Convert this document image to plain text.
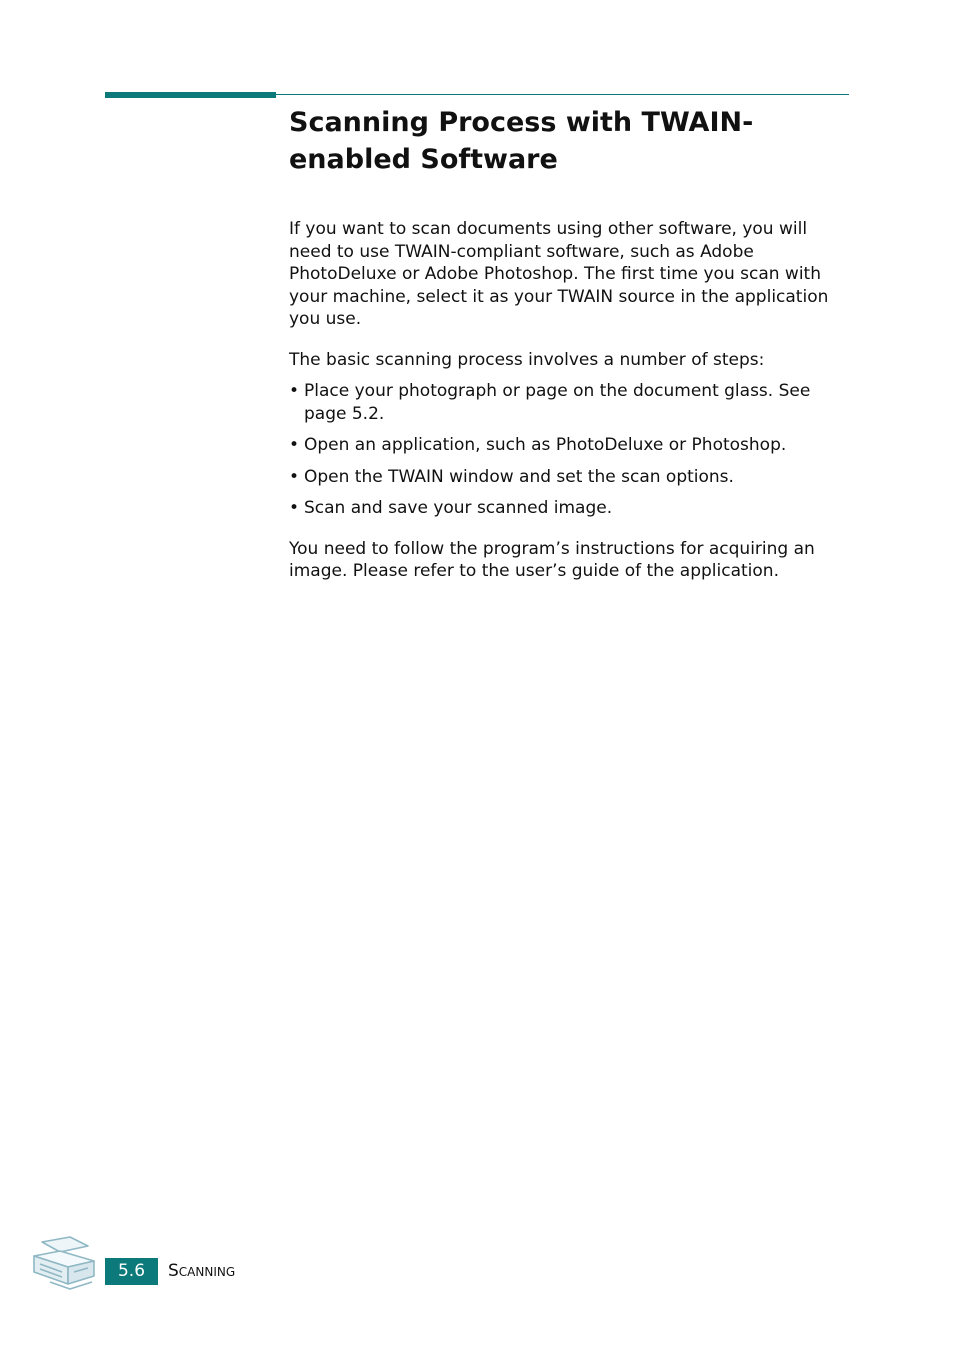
Scanning Process with TWAIN-enabled Software

If you want to scan documents using other software, you will need to use TWAIN-compliant software, such as Adobe PhotoDeluxe or Adobe Photoshop. The first time you scan with your machine, select it as your TWAIN source in the application you use.

The basic scanning process involves a number of steps:

• Place your photograph or page on the document glass. See page 5.2.
• Open an application, such as PhotoDeluxe or Photoshop.
• Open the TWAIN window and set the scan options.
• Scan and save your scanned image.

You need to follow the program’s instructions for acquiring an image. Please refer to the user’s guide of the application.

5.6	Scanning
